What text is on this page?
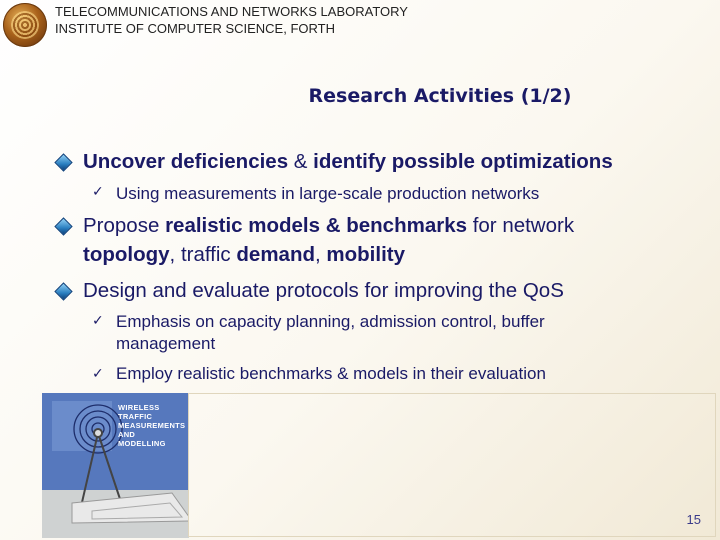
TELECOMMUNICATIONS AND NETWORKS LABORATORY
INSTITUTE OF COMPUTER SCIENCE, FORTH
Research Activities (1/2)
Uncover deficiencies & identify possible optimizations
✓ Using measurements in large-scale production networks
Propose realistic models & benchmarks for network
topology, traffic demand, mobility
Design and evaluate protocols for improving the QoS
✓ Emphasis on capacity planning, admission control, buffer management
✓ Employ realistic benchmarks & models in their evaluation
WIRELESS
TRAFFIC
MEASUREMENTS
AND
MODELLING
15
